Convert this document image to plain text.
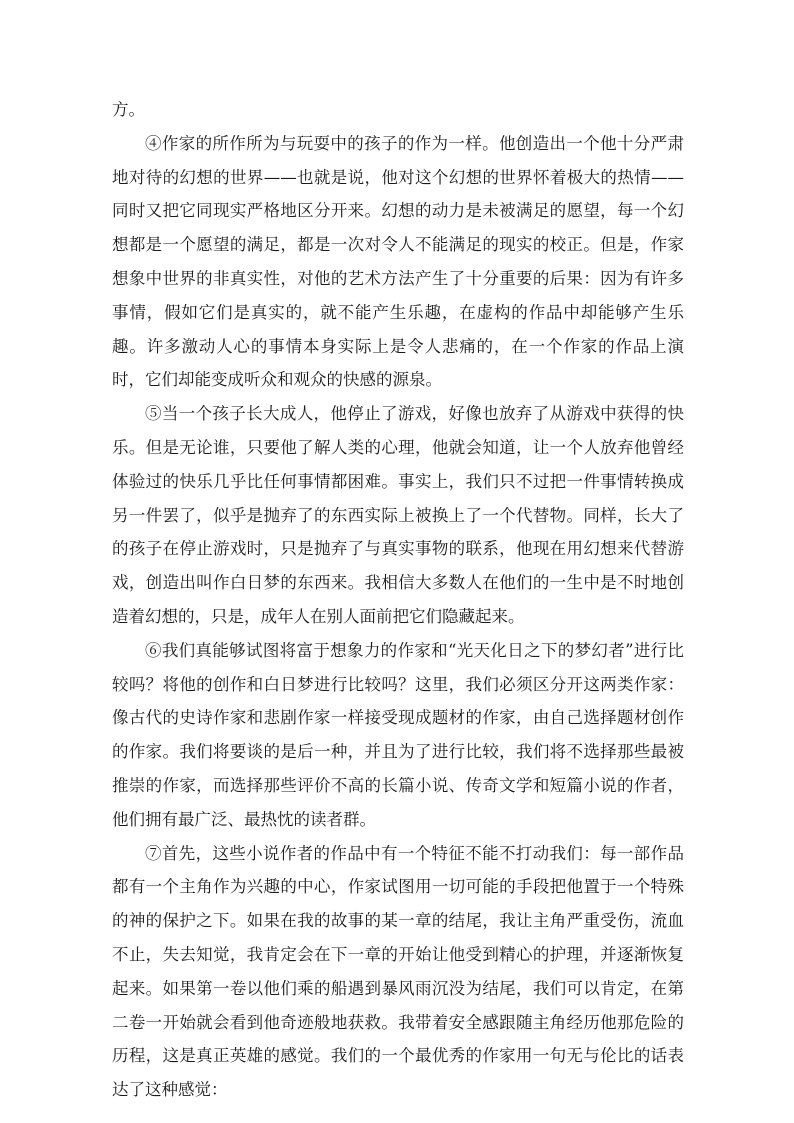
方。

④作家的所作所为与玩耍中的孩子的作为一样。他创造出一个他十分严肃地对待的幻想的世界——也就是说，他对这个幻想的世界怀着极大的热情——同时又把它同现实严格地区分开来。幻想的动力是未被满足的愿望，每一个幻想都是一个愿望的满足，都是一次对令人不能满足的现实的校正。但是，作家想象中世界的非真实性，对他的艺术方法产生了十分重要的后果：因为有许多事情，假如它们是真实的，就不能产生乐趣，在虚构的作品中却能够产生乐趣。许多激动人心的事情本身实际上是令人悲痛的，在一个作家的作品上演时，它们却能变成听众和观众的快感的源泉。

⑤当一个孩子长大成人，他停止了游戏，好像也放弃了从游戏中获得的快乐。但是无论谁，只要他了解人类的心理，他就会知道，让一个人放弃他曾经体验过的快乐几乎比任何事情都困难。事实上，我们只不过把一件事情转换成另一件罢了，似乎是抛弃了的东西实际上被换上了一个代替物。同样，长大了的孩子在停止游戏时，只是抛弃了与真实事物的联系，他现在用幻想来代替游戏，创造出叫作白日梦的东西来。我相信大多数人在他们的一生中是不时地创造着幻想的，只是，成年人在别人面前把它们隐藏起来。

⑥我们真能够试图将富于想象力的作家和“光天化日之下的梦幻者”进行比较吗？将他的创作和白日梦进行比较吗？这里，我们必须区分开这两类作家：像古代的史诗作家和悲剧作家一样接受现成题材的作家，由自己选择题材创作的作家。我们将要谈的是后一种，并且为了进行比较，我们将不选择那些最被推崇的作家，而选择那些评价不高的长篇小说、传奇文学和短篇小说的作者，他们拥有最广泛、最热忱的读者群。

⑦首先，这些小说作者的作品中有一个特征不能不打动我们：每一部作品都有一个主角作为兴趣的中心，作家试图用一切可能的手段把他置于一个特殊的神的保护之下。如果在我的故事的某一章的结尾，我让主角严重受伤，流血不止，失去知觉，我肯定会在下一章的开始让他受到精心的护理，并逐渐恢复起来。如果第一卷以他们乘的船遇到暴风雨沉没为结尾，我们可以肯定，在第二卷一开始就会看到他奇迹般地获救。我带着安全感跟随主角经历他那危险的历程，这是真正英雄的感觉。我们的一个最优秀的作家用一句无与伦比的话表达了这种感觉：
